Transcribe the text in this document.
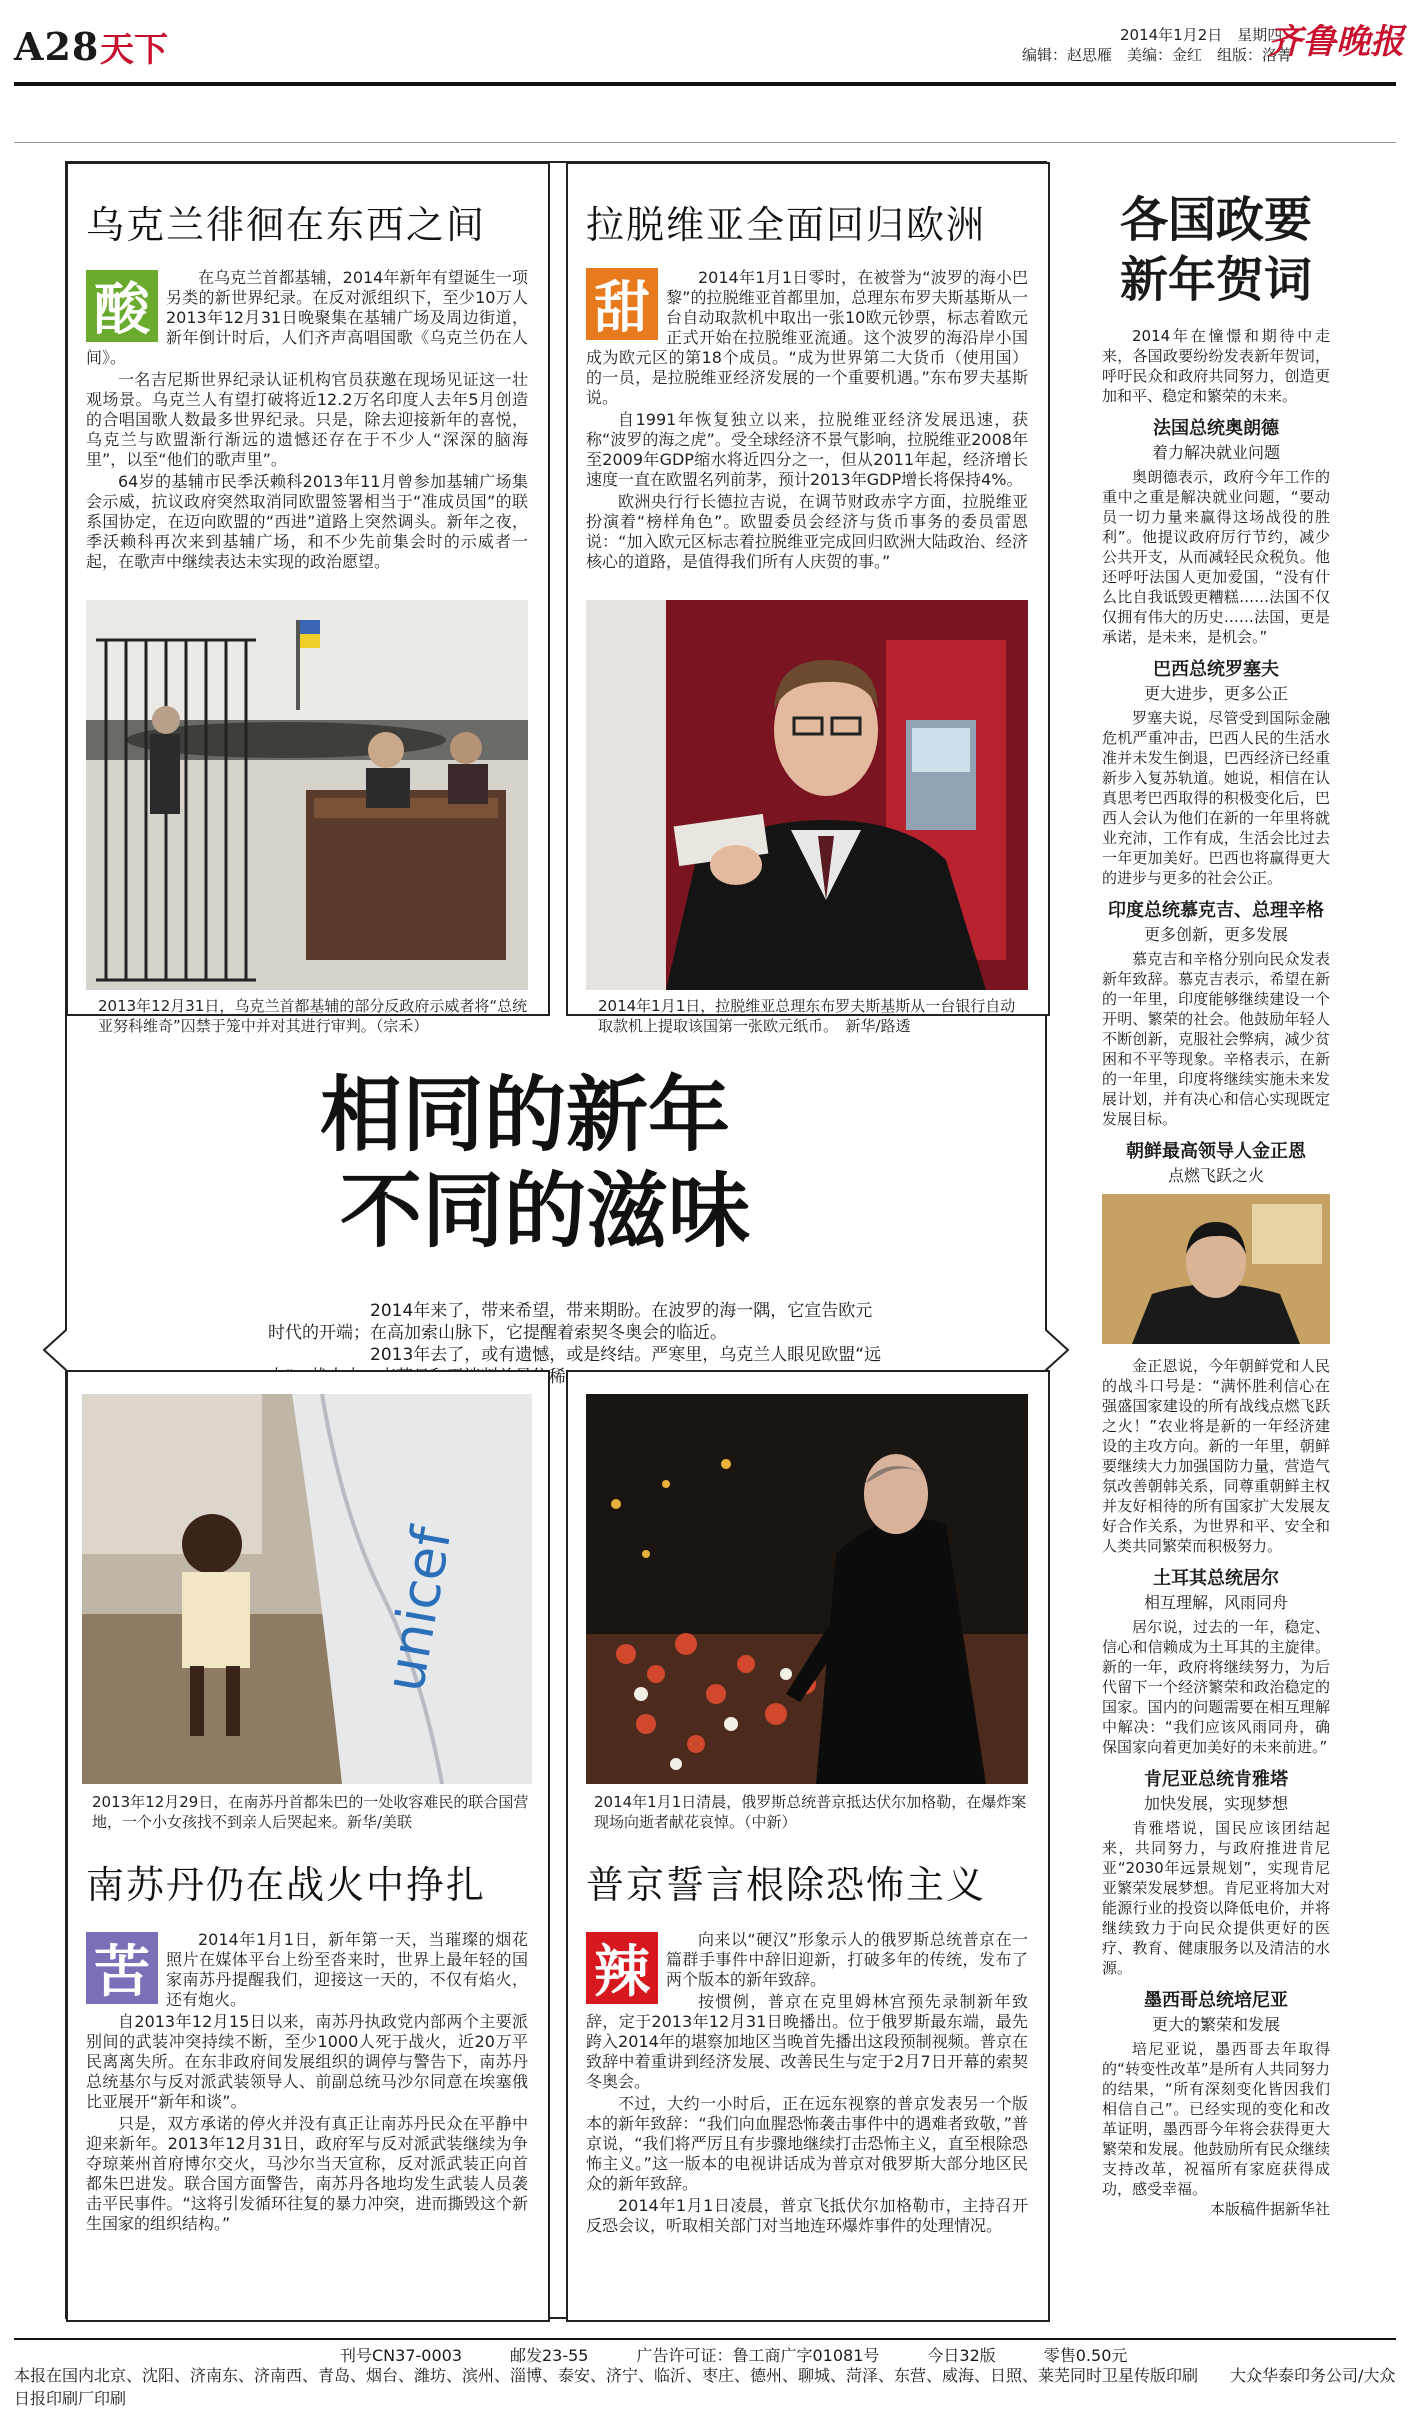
A28 天下	2014年1月2日　星期四
编辑：赵思雁　美编：金红　组版：洛菁
齐鲁晚报
乌克兰徘徊在东西之间
酸

在乌克兰首都基辅，2014年新年有望诞生一项另类的新世界纪录。在反对派组织下，至少10万人2013年12月31日晚聚集在基辅广场及周边街道，新年倒计时后，人们齐声高唱国歌《乌克兰仍在人间》。

一名吉尼斯世界纪录认证机构官员获邀在现场见证这一壮观场景。乌克兰人有望打破将近12.2万名印度人去年5月创造的合唱国歌人数最多世界纪录。只是，除去迎接新年的喜悦，乌克兰与欧盟渐行渐远的遗憾还存在于不少人“深深的脑海里”，以至“他们的歌声里”。

64岁的基辅市民季沃赖科2013年11月曾参加基辅广场集会示威，抗议政府突然取消同欧盟签署相当于“准成员国”的联系国协定，在迈向欧盟的“西进”道路上突然调头。新年之夜，季沃赖科再次来到基辅广场，和不少先前集会时的示威者一起，在歌声中继续表达未实现的政治愿望。

2013年12月31日，乌克兰首都基辅的部分反政府示威者将“总统亚努科维奇”囚禁于笼中并对其进行审判。（宗禾）
拉脱维亚全面回归欧洲
甜	2014年1月1日零时，在被誉为“波罗的海小巴黎”的拉脱维亚首都里加，总理东布罗夫斯基斯从一台自动取款机中取出一张10欧元钞票，标志着欧元正式开始在拉脱维亚流通。这个波罗的海沿岸小国成为欧元区的第18个成员。“成为世界第二大货币（使用国）的一员，是拉脱维亚经济发展的一个重要机遇。”东布罗夫基斯说。

自1991年恢复独立以来，拉脱维亚经济发展迅速，获称“波罗的海之虎”。受全球经济不景气影响，拉脱维亚2008年至2009年GDP缩水将近四分之一，但从2011年起，经济增长速度一直在欧盟名列前茅，预计2013年GDP增长将保持4%。

欧洲央行行长德拉吉说，在调节财政赤字方面，拉脱维亚扮演着“榜样角色”。欧盟委员会经济与货币事务的委员雷恩说：“加入欧元区标志着拉脱维亚完成回归欧洲大陆政治、经济核心的道路，是值得我们所有人庆贺的事。”

2014年1月1日，拉脱维亚总理东布罗夫斯基斯从一台银行自动取款机上提取该国第一张欧元纸币。　新华/路透
相同的新年
不同的滋味

2014年来了，带来希望，带来期盼。在波罗的海一隅，它宣告欧元时代的开端；在高加索山脉下，它提醒着索契冬奥会的临近。

2013年去了，或有遗憾，或是终结。严寒里，乌克兰人眼见欧盟“远 稀

unicef
2013年12月29日，在南苏丹首都朱巴的一处收容难民的联合国营地，一个小女孩找不到亲人后哭起来。新华/美联
南苏丹仍在战火中挣扎
苦

2014年1月1日，新年第一天，当璀璨的烟花照片在媒体平台上纷至沓来时，世界上最年轻的国家南苏丹提醒我们，迎接这一天的，不仅有焰火，还有炮火。

自2013年12月15日以来，南苏丹执政党内部两个主要派别间的武装冲突持续不断，至少1000人死于战火，近20万平民离离失所。在东非政府间发展组织的调停与警告下，南苏丹总统基尔与反对派武装领导人、前副总统马沙尔同意在埃塞俄比亚展开“新年和谈”。

只是，双方承诺的停火并没有真正让南苏丹民众在平静中迎来新年。2013年12月31日，政府军与反对派武装继续为争夺琼莱州首府博尔交火，马沙尔当天宣称，反对派武装正向首都朱巴进发。联合国方面警告，南苏丹各地均发生武装人员袭击平民事件。“这将引发循环往复的暴力冲突，进而撕毁这个新生国家的组织结构。”

2014年1月1日清晨，俄罗斯总统普京抵达伏尔加格勒，在爆炸案现场向逝者献花哀悼。（中新）
普京誓言根除恐怖主义
辣

向来以“硬汉”形象示人的俄罗斯总统普京在一篇群手事件中辞旧迎新，打破多年的传统，发布了两个版本的新年致辞。

按惯例，普京在克里姆林宫预先录制新年致辞，定于2013年12月31日晚播出。位于俄罗斯最东端，最先跨入2014年的堪察加地区当晚首先播出这段预制视频。普京在致辞中着重讲到经济发展、改善民生与定于2月7日开幕的索契冬奥会。

不过，大约一小时后，正在远东视察的普京发表另一个版本的新年致辞：“我们向血腥恐怖袭击事件中的遇难者致敬，”普京说，“我们将严厉且有步骤地继续打击恐怖主义，直至根除恐怖主义。”这一版本的电视讲话成为普京对俄罗斯大部分地区民众的新年致辞。

2014年1月1日凌晨，普京飞抵伏尔加格勒市，主持召开反恐会议，听取相关部门对当地连环爆炸事件的处理情况。

各国政要
新年贺词

2014年在憧憬和期待中走来，各国政要纷纷发表新年贺词，呼吁民众和政府共同努力，创造更加和平、稳定和繁荣的未来。

法国总统奥朗德
着力解决就业问题

奥朗德表示，政府今年工作的重中之重是解决就业问题，“要动员一切力量来赢得这场战役的胜利”。他提议政府厉行节约，减少公共开支，从而减轻民众税负。他还呼吁法国人更加爱国，“没有什么比自我诋毁更糟糕……法国不仅仅拥有伟大的历史……法国，更是承诺，是未来，是机会。”

巴西总统罗塞夫
更大进步，更多公正

罗塞夫说，尽管受到国际金融危机严重冲击，巴西人民的生活水准并未发生倒退，巴西经济已经重新步入复苏轨道。她说，相信在认真思考巴西取得的积极变化后，巴西人会认为他们在新的一年里将就业充沛，工作有成，生活会比过去一年更加美好。巴西也将赢得更大的进步与更多的社会公正。

印度总统慕克吉、总理辛格
更多创新，更多发展

慕克吉和辛格分别向民众发表新年致辞。慕克吉表示，希望在新的一年里，印度能够继续建设一个开明、繁荣的社会。他鼓励年轻人不断创新，克服社会弊病，减少贫困和不平等现象。辛格表示，在新的一年里，印度将继续实施未来发展计划，并有决心和信心实现既定发展目标。

朝鲜最高领导人金正恩
点燃飞跃之火

金正恩说，今年朝鲜党和人民的战斗口号是：“满怀胜利信心在强盛国家建设的所有战线点燃飞跃之火！”农业将是新的一年经济建设的主攻方向。新的一年里，朝鲜要继续大力加强国防力量，营造气氛改善朝韩关系，同尊重朝鲜主权并友好相待的所有国家扩大发展友好合作关系，为世界和平、安全和人类共同繁荣而积极努力。

土耳其总统居尔
相互理解，风雨同舟

居尔说，过去的一年，稳定、信心和信赖成为土耳其的主旋律。新的一年，政府将继续努力，为后代留下一个经济繁荣和政治稳定的国家。国内的问题需要在相互理解中解决：“我们应该风雨同舟，确保国家向着更加美好的未来前进。”

肯尼亚总统肯雅塔
加快发展，实现梦想

肯雅塔说，国民应该团结起来，共同努力，与政府推进肯尼亚“2030年远景规划”，实现肯尼亚繁荣发展梦想。肯尼亚将加大对能源行业的投资以降低电价，并将继续致力于向民众提供更好的医疗、教育、健康服务以及清洁的水源。

墨西哥总统培尼亚
更大的繁荣和发展

培尼亚说，墨西哥去年取得的“转变性改革”是所有人共同努力的结果，“所有深刻变化皆因我们相信自己”。已经实现的变化和改革证明，墨西哥今年将会获得更大繁荣和发展。他鼓励所有民众继续支持改革，祝福所有家庭获得成功，感受幸福。

本版稿件据新华社
刊号CN37-0003　　　邮发23-55　　　广告许可证：鲁工商广字01081号　　　今日32版　　　零售0.50元
本报在国内北京、沈阳、济南东、济南西、青岛、烟台、潍坊、滨州、淄博、泰安、济宁、临沂、枣庄、德州、聊城、菏泽、东营、威海、日照、莱芜同时卫星传版印刷　　大众华泰印务公司/大众日报印刷厂印刷
